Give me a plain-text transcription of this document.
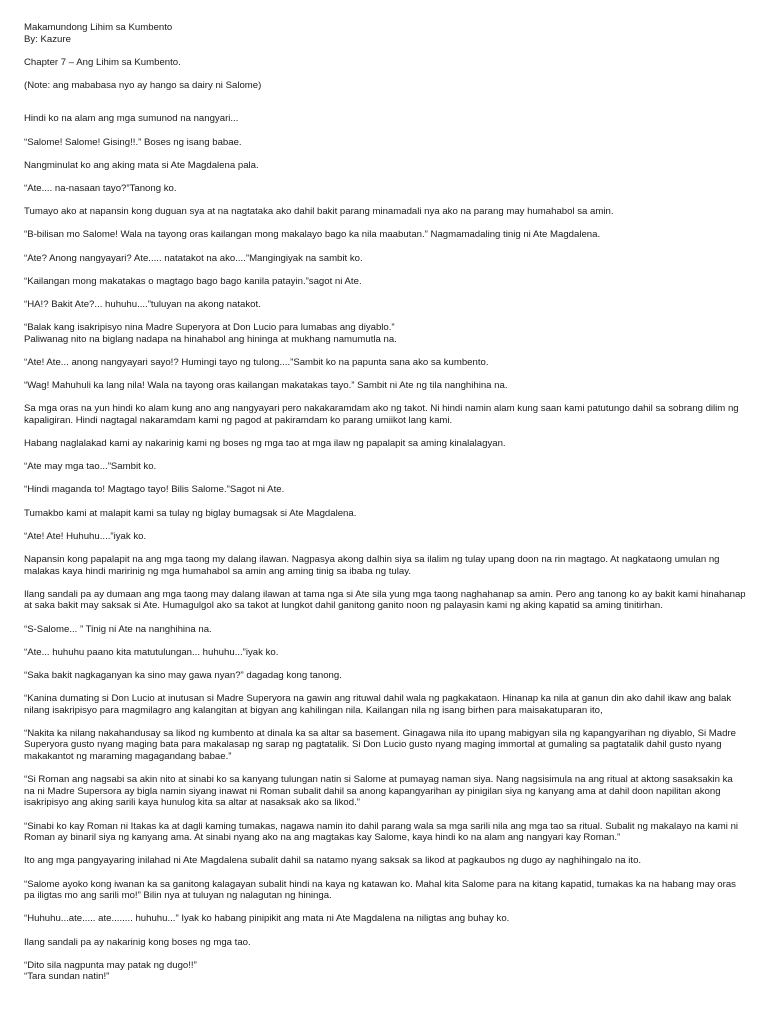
Makamundong Lihim sa Kumbento

By: Kazure

Chapter 7 – Ang Lihim sa Kumbento.

(Note: ang mababasa nyo ay hango sa dairy ni Salome)

Hindi ko na alam ang mga sumunod na nangyari...

“Salome! Salome! Gising!!.” Boses ng isang babae.

Nangminulat ko ang aking mata si Ate Magdalena pala.

“Ate.... na-nasaan tayo?”Tanong ko.

Tumayo ako at napansin kong duguan sya at na nagtataka ako dahil bakit parang minamadali nya ako na parang may humahabol sa amin.

“B-bilisan mo Salome! Wala na tayong oras kailangan mong makalayo bago ka nila maabutan.” Nagmamadaling tinig ni Ate Magdalena.

“Ate? Anong nangyayari? Ate..... natatakot na ako....”Mangingiyak na sambit ko.

“Kailangan mong makatakas o magtago bago bago kanila patayin.”sagot ni Ate.

“HA!? Bakit Ate?... huhuhu....”tuluyan na akong natakot.

“Balak kang isakripisyo nina Madre Superyora at Don Lucio para lumabas ang diyablo.”
Paliwanag nito na biglang nadapa na hinahabol ang hininga at mukhang namumutla na.

“Ate! Ate... anong nangyayari sayo!? Humingi tayo ng tulong....”Sambit ko na papunta sana ako sa kumbento.

“Wag! Mahuhuli ka lang nila! Wala na tayong oras kailangan makatakas tayo.” Sambit ni Ate ng tila nanghihina na.

Sa mga oras na yun hindi ko alam kung ano ang nangyayari pero nakakaramdam ako ng takot. Ni hindi namin alam kung saan kami patutungo dahil sa sobrang dilim ng kapaligiran. Hindi nagtagal nakaramdam kami ng pagod at pakiramdam ko parang umiikot lang kami.

Habang naglalakad kami ay nakarinig kami ng boses ng mga tao at mga ilaw ng papalapit sa aming kinalalagyan.

“Ate may mga tao...”Sambit ko.

“Hindi maganda to! Magtago tayo! Bilis Salome.”Sagot ni Ate.

Tumakbo kami at malapit kami sa tulay ng biglay bumagsak si Ate Magdalena.

“Ate! Ate! Huhuhu....”iyak ko.

Napansin kong papalapit na ang mga taong my dalang ilawan. Nagpasya akong dalhin siya sa ilalim ng tulay upang doon na rin magtago. At nagkataong umulan ng malakas kaya hindi maririnig ng mga humahabol sa amin ang aming tinig sa ibaba ng tulay.

Ilang sandali pa ay dumaan ang mga taong may dalang ilawan at tama nga si Ate sila yung mga taong naghahanap sa amin. Pero ang tanong ko ay bakit kami hinahanap at saka bakit may saksak si Ate. Humagulgol ako sa takot at lungkot dahil ganitong ganito noon ng palayasin kami ng aking kapatid sa aming tinitirhan.

“S-Salome... ” Tinig ni Ate na nanghihina na.

“Ate... huhuhu paano kita matutulungan... huhuhu...”iyak ko.

“Saka bakit nagkaganyan ka sino may gawa nyan?” dagadag kong tanong.

“Kanina dumating si Don Lucio at inutusan si Madre Superyora na gawin ang rituwal dahil wala ng pagkakataon. Hinanap ka nila at ganun din ako dahil ikaw ang balak nilang isakripisyo para magmilagro ang kalangitan at bigyan ang kahilingan nila. Kailangan nila ng isang birhen para maisakatuparan ito,

“Nakita ka nilang nakahandusay sa likod ng kumbento at dinala ka sa altar sa basement. Ginagawa nila ito upang mabigyan sila ng kapangyarihan ng diyablo, Si Madre Superyora gusto nyang maging bata para makalasap ng sarap ng pagtatalik. Si Don Lucio gusto nyang maging immortal at gumaling sa pagtatalik dahil gusto nyang makakantot ng maraming magagandang babae.”

“Si Roman ang nagsabi sa akin nito at sinabi ko sa kanyang tulungan natin si Salome at pumayag naman siya. Nang nagsisimula na ang ritual at aktong sasaksakin ka na ni Madre Supersora ay bigla namin siyang inawat ni Roman subalit dahil sa anong kapangyarihan ay pinigilan siya ng kanyang ama at dahil doon napilitan akong isakripisyo ang aking sarili kaya hunulog kita sa altar at nasaksak ako sa likod.”

“Sinabi ko kay Roman ni Itakas ka at dagli kaming tumakas, nagawa namin ito dahil parang wala sa mga sarili nila ang mga tao sa ritual. Subalit ng makalayo na kami ni Roman ay binaril siya ng kanyang ama. At sinabi nyang ako na ang magtakas kay Salome, kaya hindi ko na alam ang nangyari kay Roman.”

Ito ang mga pangyayaring inilahad ni Ate Magdalena subalit dahil sa natamo nyang saksak sa likod at pagkaubos ng dugo ay naghihingalo na ito.

“Salome ayoko kong iwanan ka sa ganitong kalagayan subalit hindi na kaya ng katawan ko. Mahal kita Salome para na kitang kapatid, tumakas ka na habang may oras pa iligtas mo ang sarili mo!” Bilin nya at tuluyan ng nalagutan ng hininga.

“Huhuhu...ate..... ate........ huhuhu...” Iyak ko habang pinipikit ang mata ni Ate Magdalena na niligtas ang buhay ko.

Ilang sandali pa ay nakarinig kong boses ng mga tao.

“Dito sila nagpunta may patak ng dugo!!”
“Tara sundan natin!”
